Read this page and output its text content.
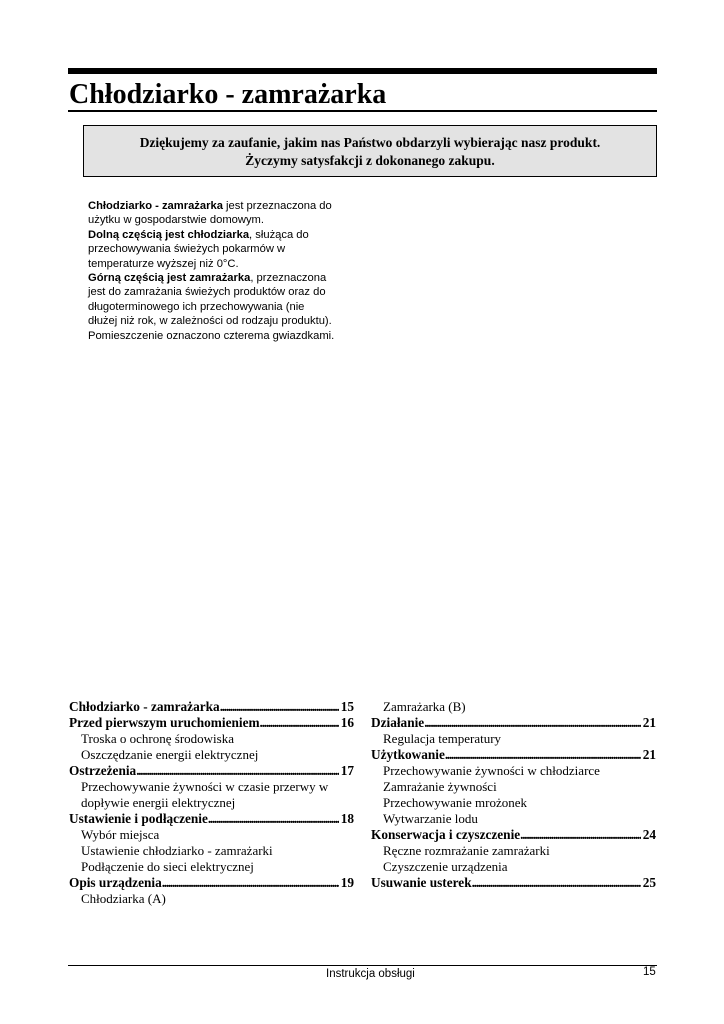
Chłodziarko - zamrażarka
Dziękujemy za zaufanie, jakim nas Państwo obdarzyli wybierając nasz produkt.
Życzymy satysfakcji z dokonanego zakupu.
Chłodziarko - zamrażarka jest przeznaczona do
użytku w gospodarstwie domowym.
Dolną częścią jest chłodziarka, służąca do
przechowywania świeżych pokarmów w
temperaturze wyższej niż 0°C.
Górną częścią jest zamrażarka, przeznaczona
jest do zamrażania świeżych produktów oraz do
długoterminowego ich przechowywania (nie
dłużej niż rok, w zależności od rodzaju produktu).
Pomieszczenie oznaczono czterema gwiazdkami.
Chłodziarko - zamrażarka . . .	15
Przed pierwszym uruchomieniem . . .	16
Troska o ochronę środowiska
Oszczędzanie energii elektrycznej
Ostrzeżenia . . .	17
Przechowywanie żywności w czasie przerwy w
dopływie energii elektrycznej
Ustawienie i podłączenie . . .	18
Wybór miejsca
Ustawienie chłodziarko - zamrażarki
Podłączenie do sieci elektrycznej
Opis urządzenia . . .	19
Chłodziarka (A)
Zamrażarka (B)
Działanie . . .	21
Regulacja temperatury
Użytkowanie . . .	21
Przechowywanie żywności w chłodziarce
Zamrażanie żywności
Przechowywanie mrożonek
Wytwarzanie lodu
Konserwacja i czyszczenie . . .	24
Ręczne rozmrażanie zamrażarki
Czyszczenie urządzenia
Usuwanie usterek . . .	25
Instrukcja obsługi	15
